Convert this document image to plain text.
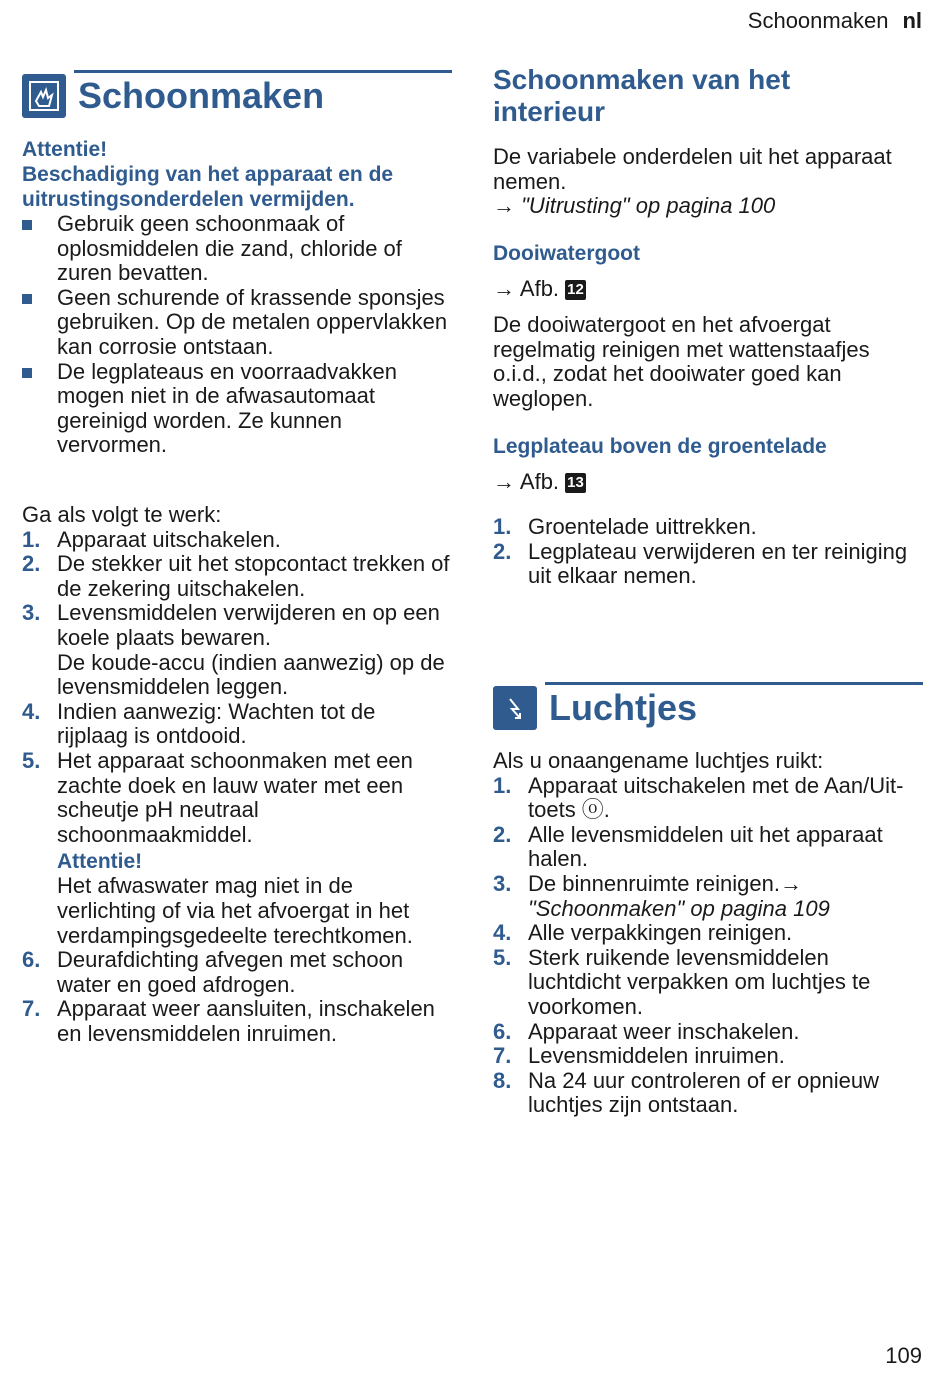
Schoonmaken nl
Schoonmaken
Attentie!
Beschadiging van het apparaat en de uitrustingsonderdelen vermijden.
Gebruik geen schoonmaak of oplosmiddelen die zand, chloride of zuren bevatten.
Geen schurende of krassende sponsjes gebruiken. Op de metalen oppervlakken kan corrosie ontstaan.
De legplateaus en voorraadvakken mogen niet in de afwasautomaat gereinigd worden. Ze kunnen vervormen.
Ga als volgt te werk:
1. Apparaat uitschakelen.
2. De stekker uit het stopcontact trekken of de zekering uitschakelen.
3. Levensmiddelen verwijderen en op een koele plaats bewaren.
De koude-accu (indien aanwezig) op de levensmiddelen leggen.
4. Indien aanwezig: Wachten tot de rijplaag is ontdooid.
5. Het apparaat schoonmaken met een zachte doek en lauw water met een scheutje pH neutraal schoonmaakmiddel.
Attentie!
Het afwaswater mag niet in de verlichting of via het afvoergat in het verdampingsgedeelte terechtkomen.
6. Deurafdichting afvegen met schoon water en goed afdrogen.
7. Apparaat weer aansluiten, inschakelen en levensmiddelen inruimen.
Schoonmaken van het interieur
De variabele onderdelen uit het apparaat nemen.
→ "Uitrusting" op pagina 100
Dooiwatergoot
→ Afb. 12
De dooiwatergoot en het afvoergat regelmatig reinigen met wattenstaafjes o.i.d., zodat het dooiwater goed kan weglopen.
Legplateau boven de groentelade
→ Afb. 13
1. Groentelade uittrekken.
2. Legplateau verwijderen en ter reiniging uit elkaar nemen.
Luchtjes
Als u onaangename luchtjes ruikt:
1. Apparaat uitschakelen met de Aan/Uit-toets ⓞ.
2. Alle levensmiddelen uit het apparaat halen.
3. De binnenruimte reinigen.→ "Schoonmaken" op pagina 109
4. Alle verpakkingen reinigen.
5. Sterk ruikende levensmiddelen luchtdicht verpakken om luchtjes te voorkomen.
6. Apparaat weer inschakelen.
7. Levensmiddelen inruimen.
8. Na 24 uur controleren of er opnieuw luchtjes zijn ontstaan.
109
